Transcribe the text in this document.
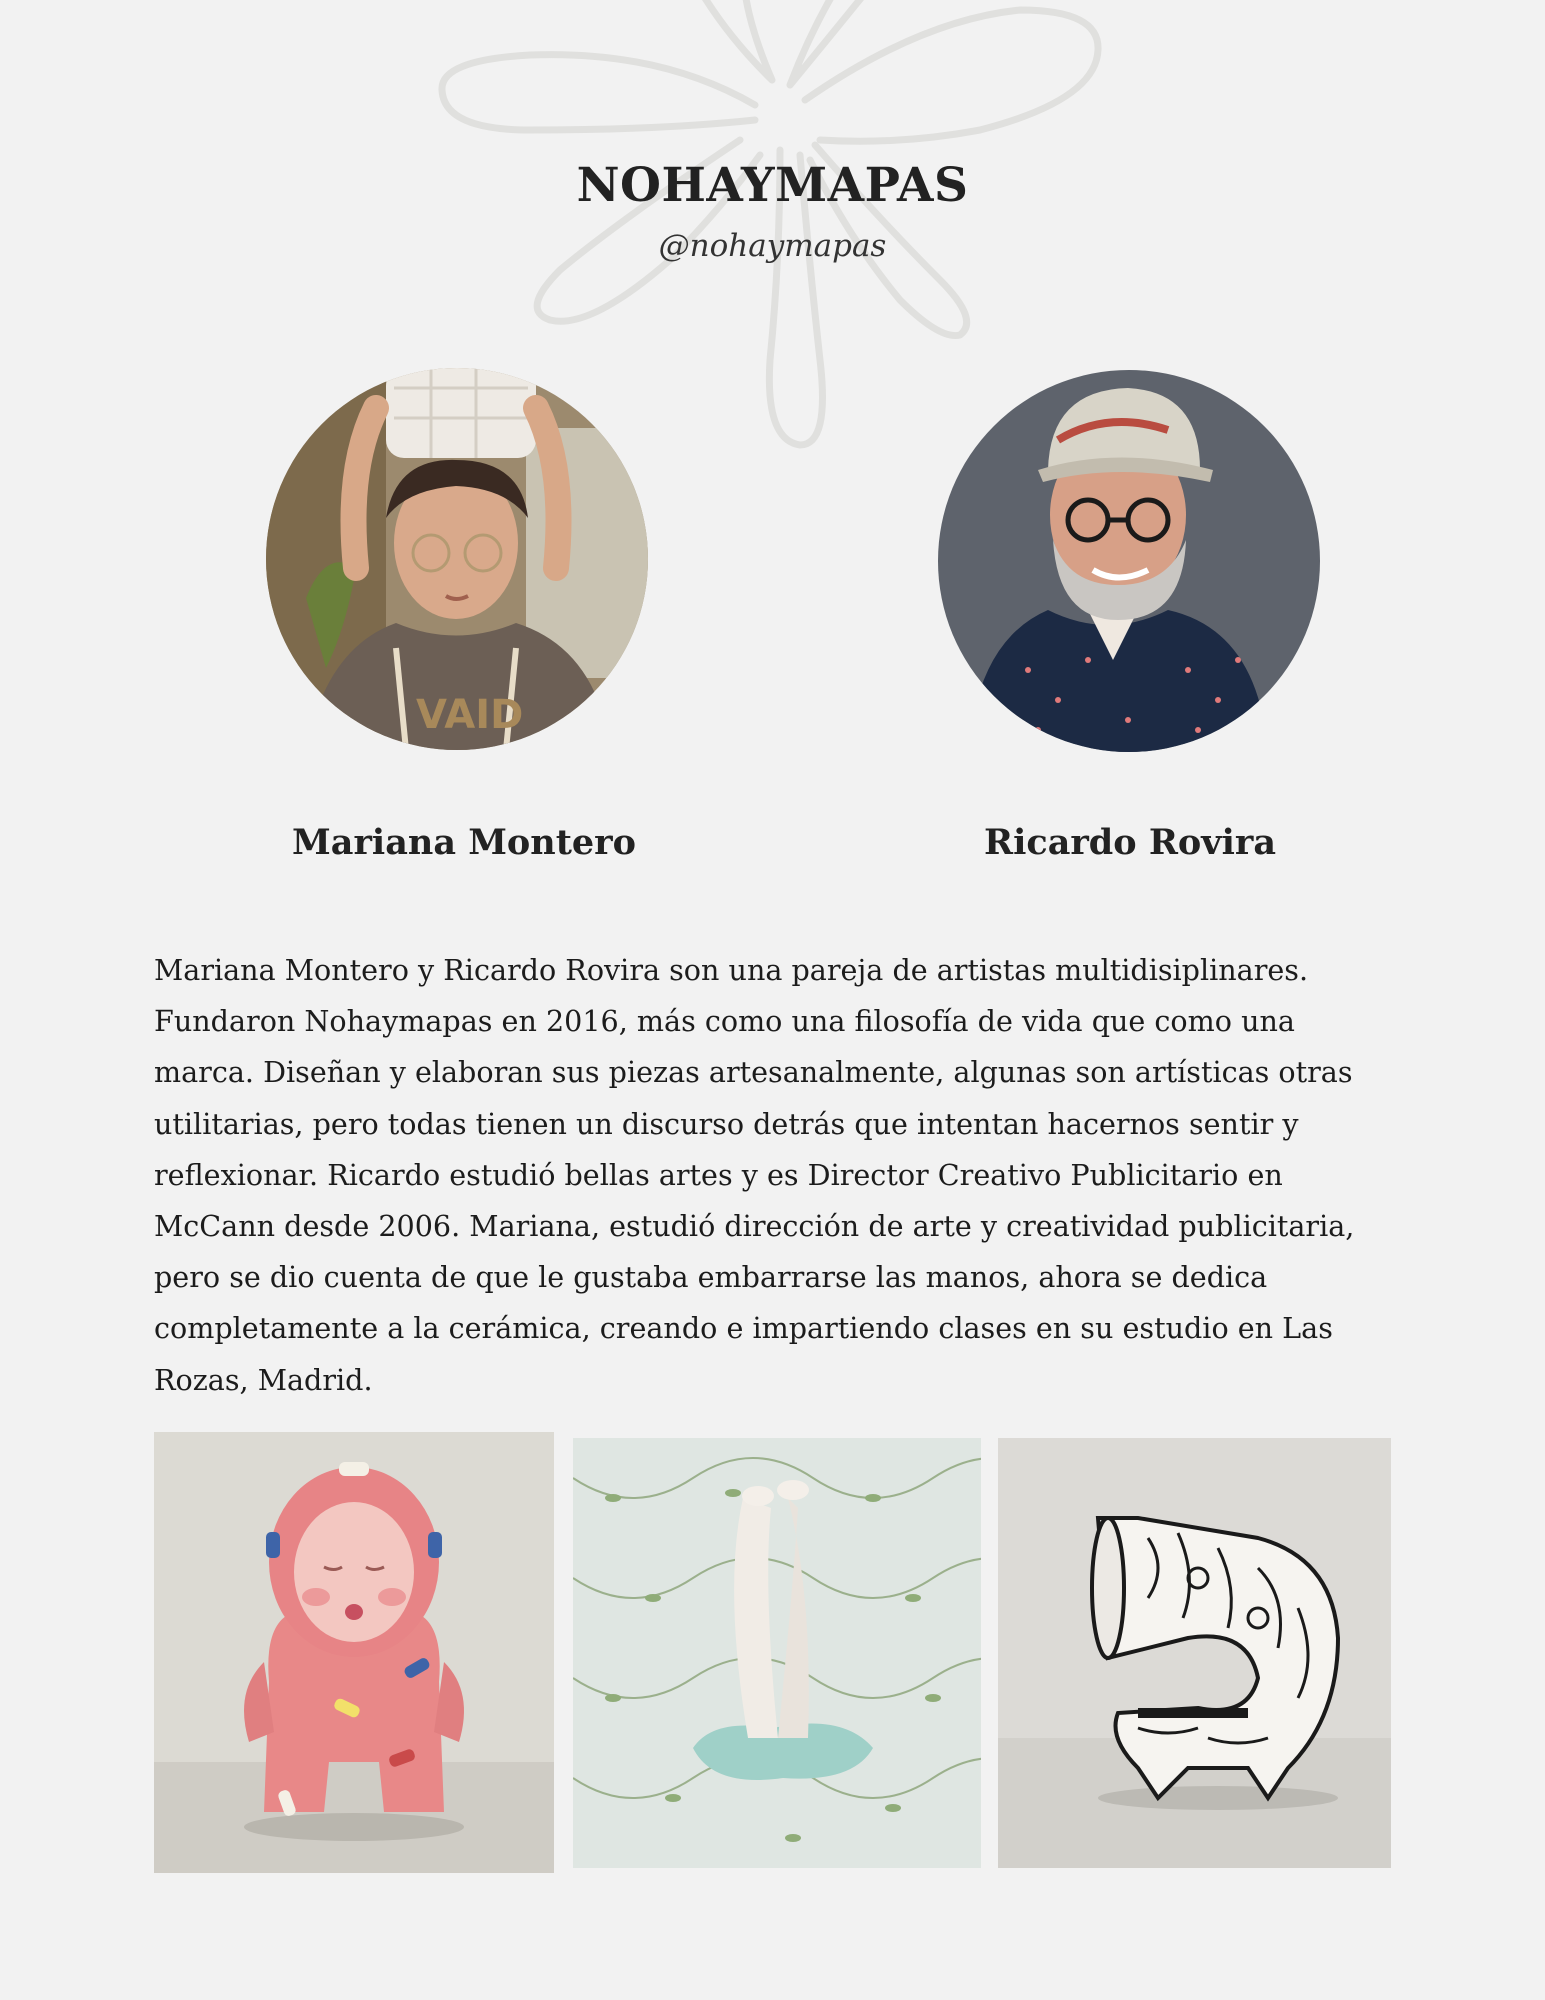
NOHAYMAPAS
@nohaymapas
VAID
Mariana Montero	Ricardo Rovira
Mariana Montero y Ricardo Rovira son una pareja de artistas multidisiplinares. Fundaron Nohaymapas en 2016, más como una filosofía de vida que como una marca. Diseñan y elaboran sus piezas artesanalmente, algunas son artísticas otras utilitarias, pero todas tienen un discurso detrás que intentan hacernos sentir y reflexionar. Ricardo estudió bellas artes y es Director Creativo Publicitario en McCann desde 2006. Mariana, estudió dirección de arte y creatividad publicitaria, pero se dio cuenta de que le gustaba embarrarse las manos, ahora se dedica completamente a la cerámica, creando e impartiendo clases en su estudio en Las Rozas, Madrid.
